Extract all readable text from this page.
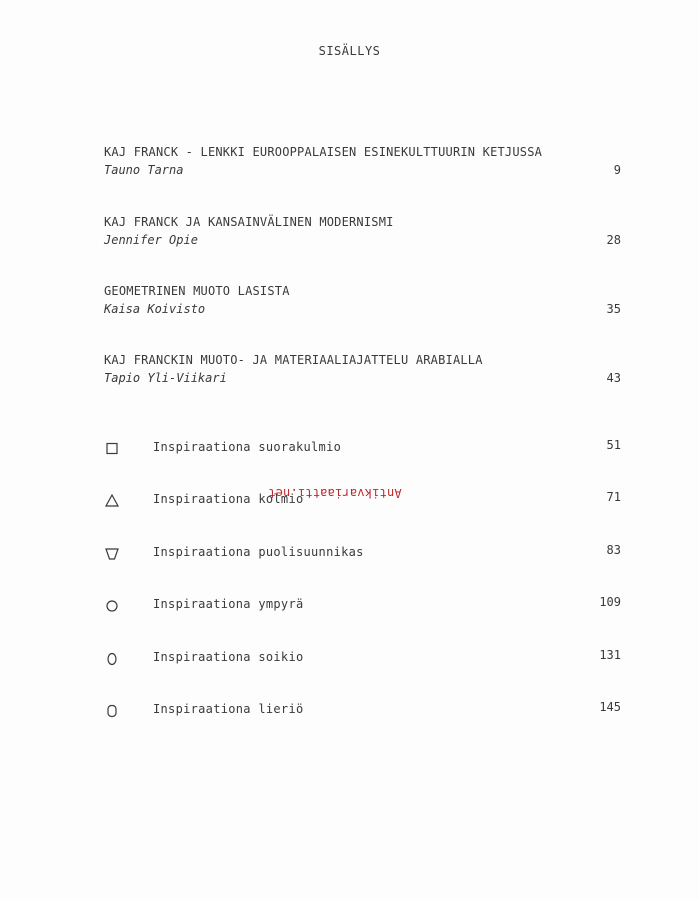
SISÄLLYS
KAJ FRANCK - LENKKI EUROOPPALAISEN ESINEKULTTUURIN KETJUSSA
Tauno Tarna	9
KAJ FRANCK JA KANSAINVÄLINEN MODERNISMI
Jennifer Opie	28
GEOMETRINEN MUOTO LASISTA
Kaisa Koivisto	35
KAJ FRANCKIN MUOTO- JA MATERIAALIAJATTELU ARABIALLA
Tapio Yli-Viikari	43
Inspiraationa suorakulmio	51
Inspiraationa kolmio	71
Inspiraationa puolisuunnikas	83
Inspiraationa ympyrä	109
Inspiraationa soikio	131
Inspiraationa lieriö	145
Antikvariaatti.net
